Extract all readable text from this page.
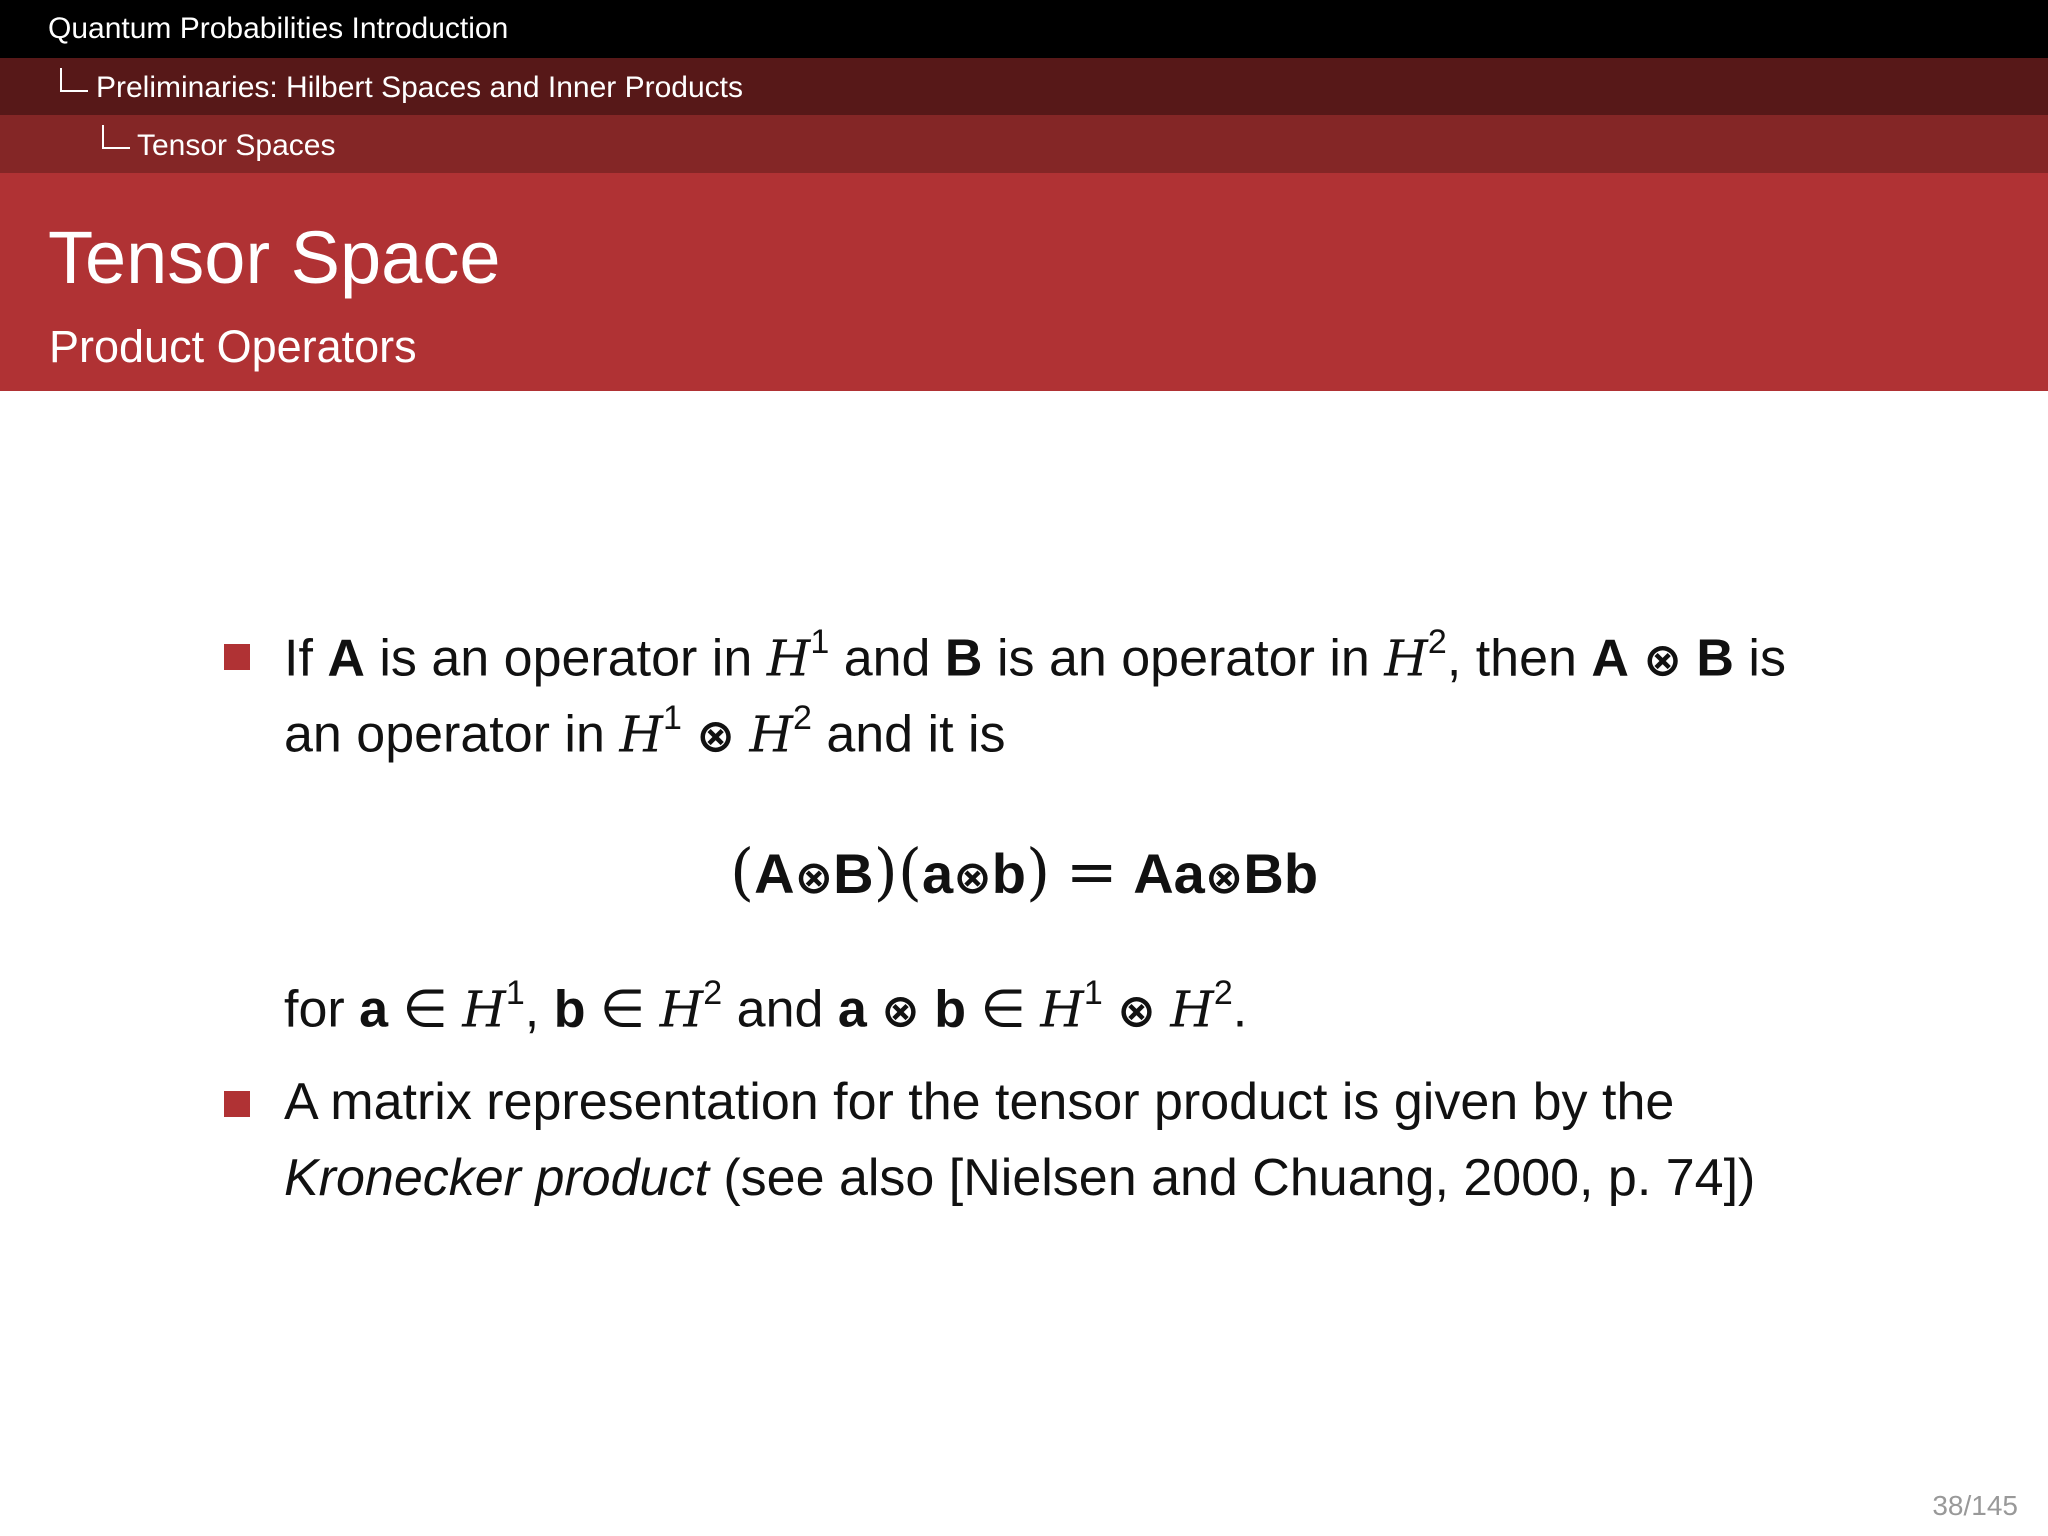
Quantum Probabilities Introduction
Preliminaries: Hilbert Spaces and Inner Products
Tensor Spaces
Tensor Space
Product Operators
If A is an operator in $H^1$ and B is an operator in $H^2$, then A ⊗ B is
an operator in $H^1$ ⊗ $H^2$ and it is
(A⊗B)(a⊗b) = Aa⊗Bb
for a ∈ $H^1$, b ∈ $H^2$ and a ⊗ b ∈ $H^1$ ⊗ $H^2$.
A matrix representation for the tensor product is given by the
Kronecker product (see also [Nielsen and Chuang, 2000, p. 74])
38/145
